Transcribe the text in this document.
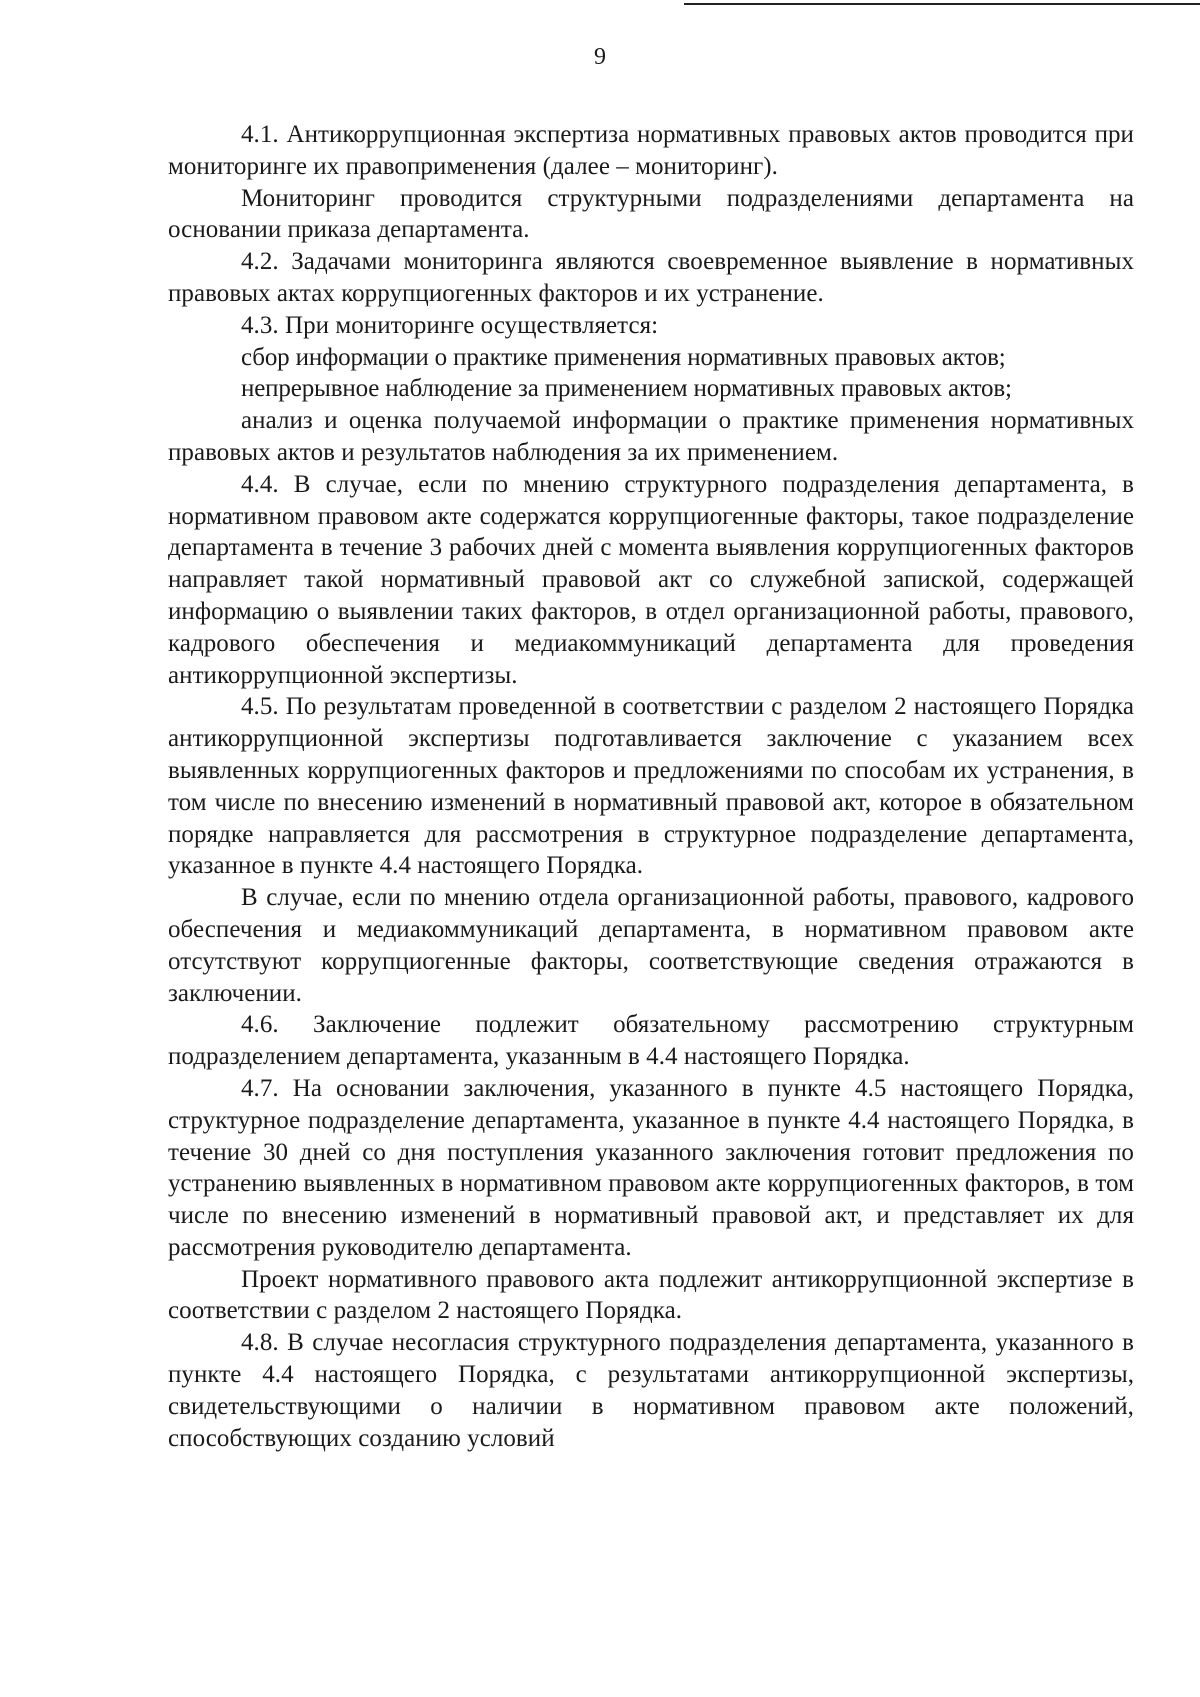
9

4.1. Антикоррупционная экспертиза нормативных правовых актов проводится при мониторинге их правоприменения (далее – мониторинг).

Мониторинг проводится структурными подразделениями департамента на основании приказа департамента.

4.2. Задачами мониторинга являются своевременное выявление в нормативных правовых актах коррупциогенных факторов и их устранение.

4.3. При мониторинге осуществляется:

сбор информации о практике применения нормативных правовых актов;

непрерывное наблюдение за применением нормативных правовых актов;

анализ и оценка получаемой информации о практике применения нормативных правовых актов и результатов наблюдения за их применением.

4.4. В случае, если по мнению структурного подразделения департамента, в нормативном правовом акте содержатся коррупциогенные факторы, такое подразделение департамента в течение 3 рабочих дней с момента выявления коррупциогенных факторов направляет такой нормативный правовой акт со служебной запиской, содержащей информацию о выявлении таких факторов, в отдел организационной работы, правового, кадрового обеспечения и медиакоммуникаций департамента для проведения антикоррупционной экспертизы.

4.5. По результатам проведенной в соответствии с разделом 2 настоящего Порядка антикоррупционной экспертизы подготавливается заключение с указанием всех выявленных коррупциогенных факторов и предложениями по способам их устранения, в том числе по внесению изменений в нормативный правовой акт, которое в обязательном порядке направляется для рассмотрения в структурное подразделение департамента, указанное в пункте 4.4 настоящего Порядка.

В случае, если по мнению отдела организационной работы, правового, кадрового обеспечения и медиакоммуникаций департамента, в нормативном правовом акте отсутствуют коррупциогенные факторы, соответствующие сведения отражаются в заключении.

4.6. Заключение подлежит обязательному рассмотрению структурным подразделением департамента, указанным в 4.4 настоящего Порядка.

4.7. На основании заключения, указанного в пункте 4.5 настоящего Порядка, структурное подразделение департамента, указанное в пункте 4.4 настоящего Порядка, в течение 30 дней со дня поступления указанного заключения готовит предложения по устранению выявленных в нормативном правовом акте коррупциогенных факторов, в том числе по внесению изменений в нормативный правовой акт, и представляет их для рассмотрения руководителю департамента.

Проект нормативного правового акта подлежит антикоррупционной экспертизе в соответствии с разделом 2 настоящего Порядка.

4.8. В случае несогласия структурного подразделения департамента, указанного в пункте 4.4 настоящего Порядка, с результатами антикоррупционной экспертизы, свидетельствующими о наличии в нормативном правовом акте положений, способствующих созданию условий
